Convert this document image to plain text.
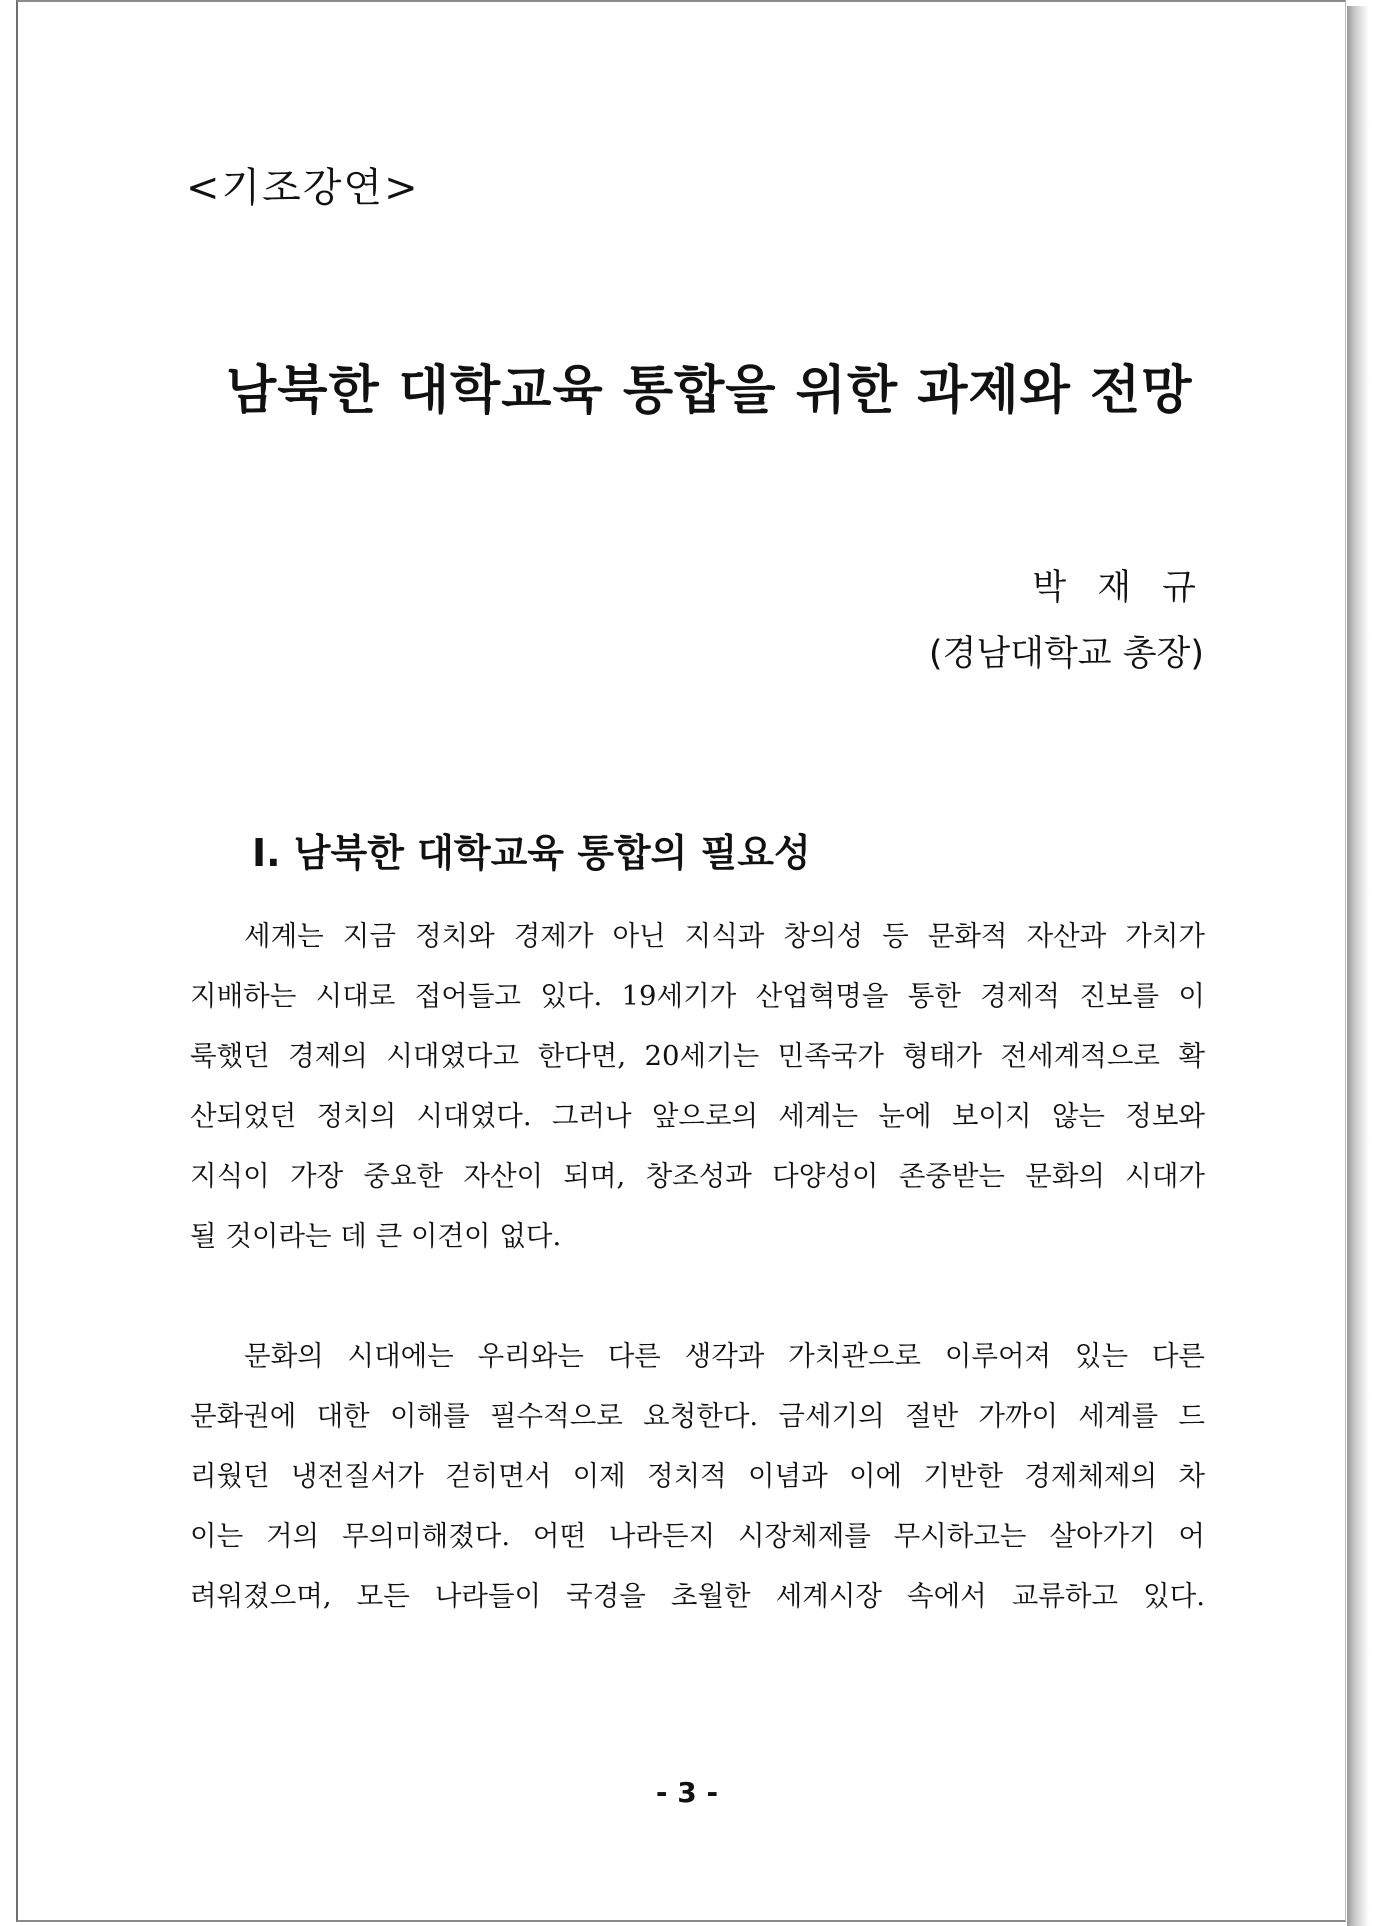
<기조강연>
남북한 대학교육 통합을 위한 과제와 전망
박 재 규
(경남대학교 총장)
I. 남북한 대학교육 통합의 필요성
세계는 지금 정치와 경제가 아닌 지식과 창의성 등 문화적 자산과 가치가
지배하는 시대로 접어들고 있다. 19세기가 산업혁명을 통한 경제적 진보를 이
룩했던 경제의 시대였다고 한다면, 20세기는 민족국가 형태가 전세계적으로 확
산되었던 정치의 시대였다. 그러나 앞으로의 세계는 눈에 보이지 않는 정보와
지식이 가장 중요한 자산이 되며, 창조성과 다양성이 존중받는 문화의 시대가
될 것이라는 데 큰 이견이 없다.
문화의 시대에는 우리와는 다른 생각과 가치관으로 이루어져 있는 다른
문화권에 대한 이해를 필수적으로 요청한다. 금세기의 절반 가까이 세계를 드
리웠던 냉전질서가 걷히면서 이제 정치적 이념과 이에 기반한 경제체제의 차
이는 거의 무의미해졌다. 어떤 나라든지 시장체제를 무시하고는 살아가기 어
려워졌으며, 모든 나라들이 국경을 초월한 세계시장 속에서 교류하고 있다.
- 3 -
